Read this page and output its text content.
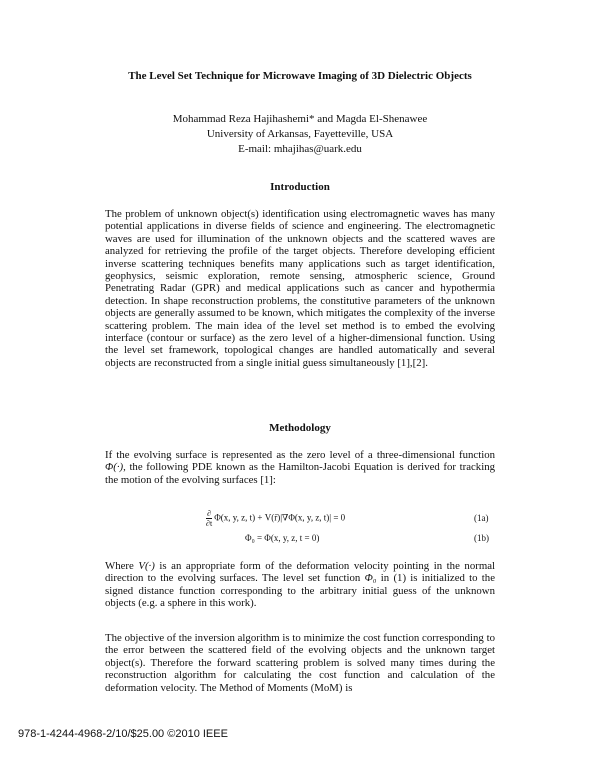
The Level Set Technique for Microwave Imaging of 3D Dielectric Objects
Mohammad Reza Hajihashemi* and Magda El-Shenawee
University of Arkansas, Fayetteville, USA
E-mail: mhajihas@uark.edu
Introduction

The problem of unknown object(s) identification using electromagnetic waves has many potential applications in diverse fields of science and engineering. The electromagnetic waves are used for illumination of the unknown objects and the scattered waves are analyzed for retrieving the profile of the target objects. Therefore developing efficient inverse scattering techniques benefits many applications such as target identification, geophysics, seismic exploration, remote sensing, atmospheric science, Ground Penetrating Radar (GPR) and medical applications such as cancer and hypothermia detection. In shape reconstruction problems, the constitutive parameters of the unknown objects are generally assumed to be known, which mitigates the complexity of the inverse scattering problem. The main idea of the level set method is to embed the evolving interface (contour or surface) as the zero level of a higher-dimensional function. Using the level set framework, topological changes are handled automatically and several objects are reconstructed from a single initial guess simultaneously [1],[2].

Methodology

If the evolving surface is represented as the zero level of a three-dimensional function Φ(·), the following PDE known as the Hamilton-Jacobi Equation is derived for tracking the motion of the evolving surfaces [1]:

$\frac{\partial}{\partial t} \Phi(x$, y, z, t) + V(r̄)|∇Φ(x, y, z, t)| = 0	(1a)
Φ₀ = Φ(x, y, z, t = 0)	(1b)

Where V(·) is an appropriate form of the deformation velocity pointing in the normal direction to the evolving surfaces. The level set function Φ₀ in (1) is initialized to the signed distance function corresponding to the arbitrary initial guess of the unknown objects (e.g. a sphere in this work).

The objective of the inversion algorithm is to minimize the cost function corresponding to the error between the scattered field of the evolving objects and the unknown target object(s). Therefore the forward scattering problem is solved many times during the reconstruction algorithm for calculating the cost function and calculation of the deformation velocity. The Method of Moments (MoM) is

978-1-4244-4968-2/10/$25.00 ©2010 IEEE
